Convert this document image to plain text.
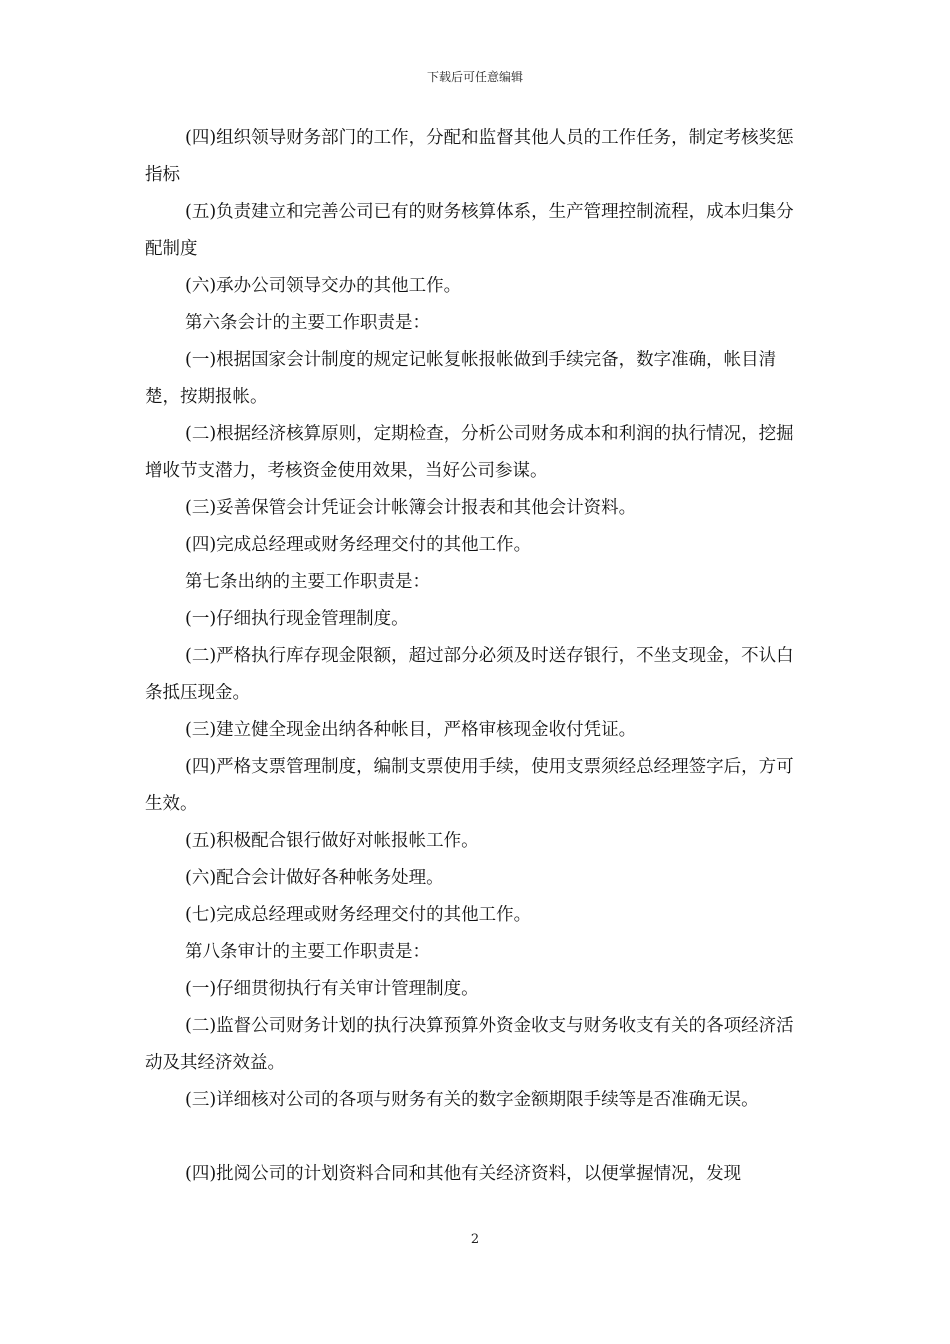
下载后可任意编辑

(四)组织领导财务部门的工作，分配和监督其他人员的工作任务，制定考核奖惩指标

(五)负责建立和完善公司已有的财务核算体系，生产管理控制流程，成本归集分配制度

(六)承办公司领导交办的其他工作。

第六条会计的主要工作职责是：

(一)根据国家会计制度的规定记帐复帐报帐做到手续完备，数字准确，帐目清楚，按期报帐。

(二)根据经济核算原则，定期检查，分析公司财务成本和利润的执行情况，挖掘增收节支潜力，考核资金使用效果，当好公司参谋。

(三)妥善保管会计凭证会计帐簿会计报表和其他会计资料。

(四)完成总经理或财务经理交付的其他工作。

第七条出纳的主要工作职责是：

(一)仔细执行现金管理制度。

(二)严格执行库存现金限额，超过部分必须及时送存银行，不坐支现金，不认白条抵压现金。

(三)建立健全现金出纳各种帐目，严格审核现金收付凭证。

(四)严格支票管理制度，编制支票使用手续，使用支票须经总经理签字后，方可生效。

(五)积极配合银行做好对帐报帐工作。

(六)配合会计做好各种帐务处理。

(七)完成总经理或财务经理交付的其他工作。

第八条审计的主要工作职责是：

(一)仔细贯彻执行有关审计管理制度。

(二)监督公司财务计划的执行决算预算外资金收支与财务收支有关的各项经济活动及其经济效益。

(三)详细核对公司的各项与财务有关的数字金额期限手续等是否准确无误。

(四)批阅公司的计划资料合同和其他有关经济资料，以便掌握情况，发现

2
